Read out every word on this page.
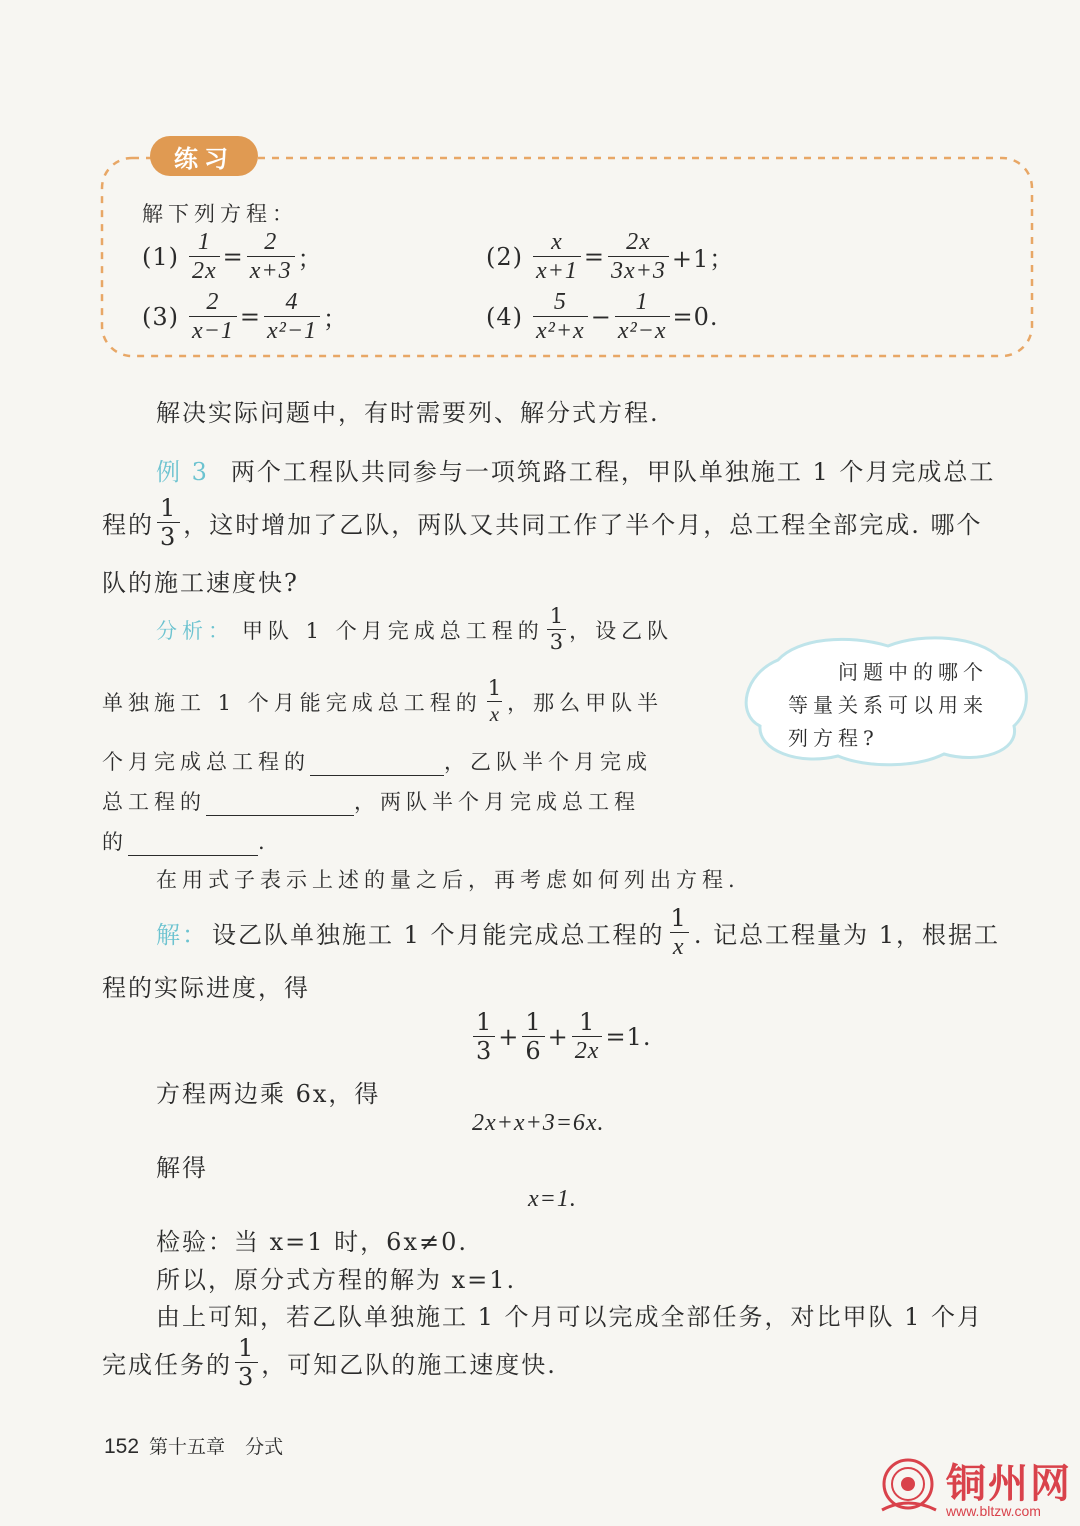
练习
解下列方程：
$(1) \frac{1}{2x} = \frac{2}{x+3}$ ；	$(2) \frac{x}{x+1} = \frac{2x}{3x+3} +1$；
$(3) \frac{2}{x-1} = \frac{4}{\text{x²−1}}$ ；	$(4) \frac{5}{\text{x²+x}} - \frac{1}{\text{x²−x}} =0$.
解决实际问题中，有时需要列、解分式方程.
例 3 两个工程队共同参与一项筑路工程，甲队单独施工 1 个月完成总工
程的 $\frac{1}{3}$ ，这时增加了乙队，两队又共同工作了半个月，总工程全部完成. 哪个
队的施工速度快?
分析： 甲队 1 个月完成总工程的 $\frac{1}{3}$ ，设乙队
单独施工 1 个月能完成总工程的 $\frac{1}{x}$ ，那么甲队半
个月完成总工程的	，乙队半个月完成
总工程的	，两队半个月完成总工程
的	.
在用式子表示上述的量之后，再考虑如何列出方程.
问题中的哪个
等量关系可以用来
列方程?
解： 设乙队单独施工 1 个月能完成总工程的 $\frac{1}{x}$ . 记总工程量为 1，根据工
程的实际进度，得
$\frac{1}{3} + \frac{1}{6} + \frac{1}{2x} =1$.
方程两边乘 6x，得
2x+x+3=6x.
解得
x=1.
检验：当 x=1 时，6x≠0.
所以，原分式方程的解为 x=1.
由上可知，若乙队单独施工 1 个月可以完成全部任务，对比甲队 1 个月
完成任务的 $\frac{1}{3}$ ，可知乙队的施工速度快.
152 第十五章 分式
铜州网
www.bltzw.com
